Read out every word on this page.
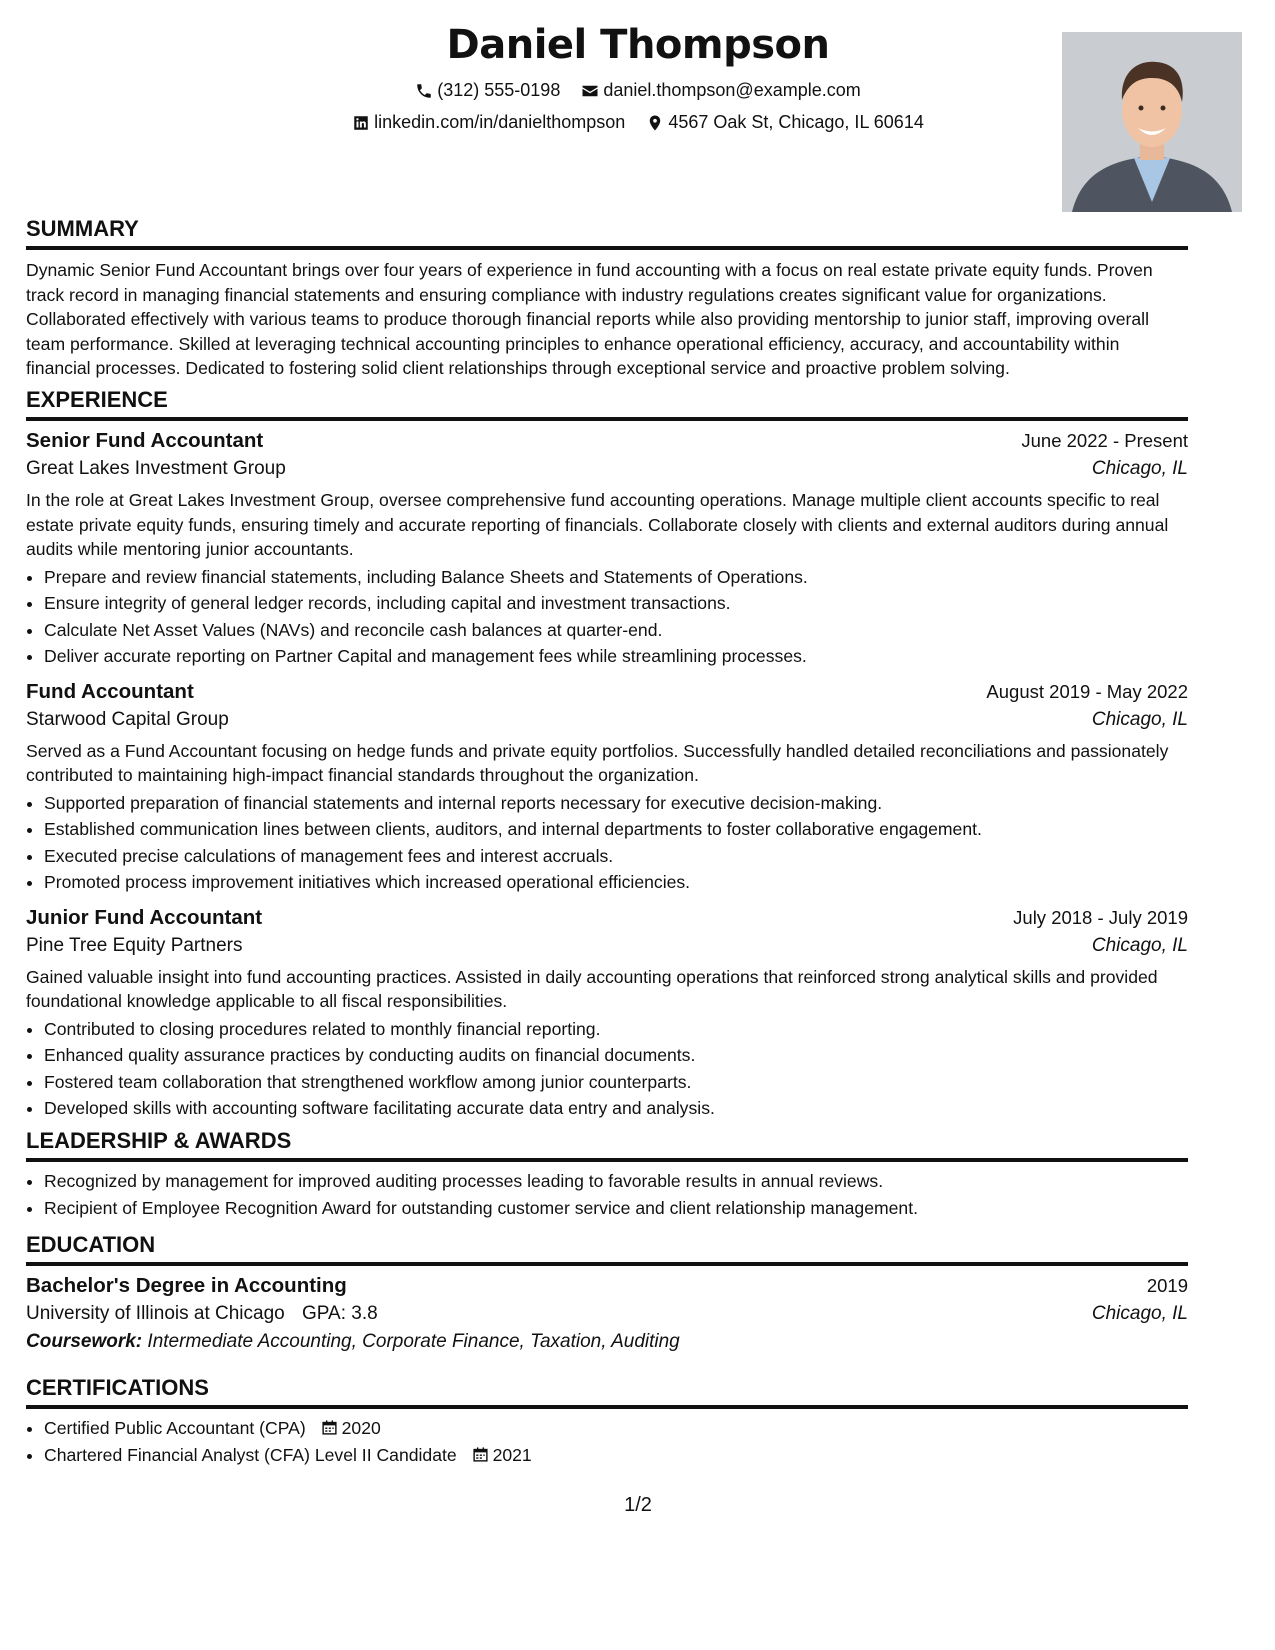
Daniel Thompson
(312) 555-0198
daniel.thompson@example.com
linkedin.com/in/danielthompson
4567 Oak St, Chicago, IL 60614
SUMMARY

Dynamic Senior Fund Accountant brings over four years of experience in fund accounting with a focus on real estate private equity funds. Proven track record in managing financial statements and ensuring compliance with industry regulations creates significant value for organizations. Collaborated effectively with various teams to produce thorough financial reports while also providing mentorship to junior staff, improving overall team performance. Skilled at leveraging technical accounting principles to enhance operational efficiency, accuracy, and accountability within financial processes. Dedicated to fostering solid client relationships through exceptional service and proactive problem solving.

EXPERIENCE
Senior Fund Accountant	June 2022 - Present
Great Lakes Investment Group	Chicago, IL

In the role at Great Lakes Investment Group, oversee comprehensive fund accounting operations. Manage multiple client accounts specific to real estate private equity funds, ensuring timely and accurate reporting of financials. Collaborate closely with clients and external auditors during annual audits while mentoring junior accountants.

• Prepare and review financial statements, including Balance Sheets and Statements of Operations.
• Ensure integrity of general ledger records, including capital and investment transactions.
• Calculate Net Asset Values (NAVs) and reconcile cash balances at quarter-end.
• Deliver accurate reporting on Partner Capital and management fees while streamlining processes.
Fund Accountant	August 2019 - May 2022
Starwood Capital Group	Chicago, IL

Served as a Fund Accountant focusing on hedge funds and private equity portfolios. Successfully handled detailed reconciliations and passionately contributed to maintaining high-impact financial standards throughout the organization.

• Supported preparation of financial statements and internal reports necessary for executive decision-making.
• Established communication lines between clients, auditors, and internal departments to foster collaborative engagement.
• Executed precise calculations of management fees and interest accruals.
• Promoted process improvement initiatives which increased operational efficiencies.
Junior Fund Accountant	July 2018 - July 2019
Pine Tree Equity Partners	Chicago, IL

Gained valuable insight into fund accounting practices. Assisted in daily accounting operations that reinforced strong analytical skills and provided foundational knowledge applicable to all fiscal responsibilities.

• Contributed to closing procedures related to monthly financial reporting.
• Enhanced quality assurance practices by conducting audits on financial documents.
• Fostered team collaboration that strengthened workflow among junior counterparts.
• Developed skills with accounting software facilitating accurate data entry and analysis.
LEADERSHIP & AWARDS
• Recognized by management for improved auditing processes leading to favorable results in annual reviews.
• Recipient of Employee Recognition Award for outstanding customer service and client relationship management.
EDUCATION
Bachelor's Degree in Accounting	2019
University of Illinois at Chicago GPA: 3.8	Chicago, IL
Coursework: Intermediate Accounting, Corporate Finance, Taxation, Auditing
CERTIFICATIONS
• Certified Public Accountant (CPA) 2020
• Chartered Financial Analyst (CFA) Level II Candidate 2021
1/2
